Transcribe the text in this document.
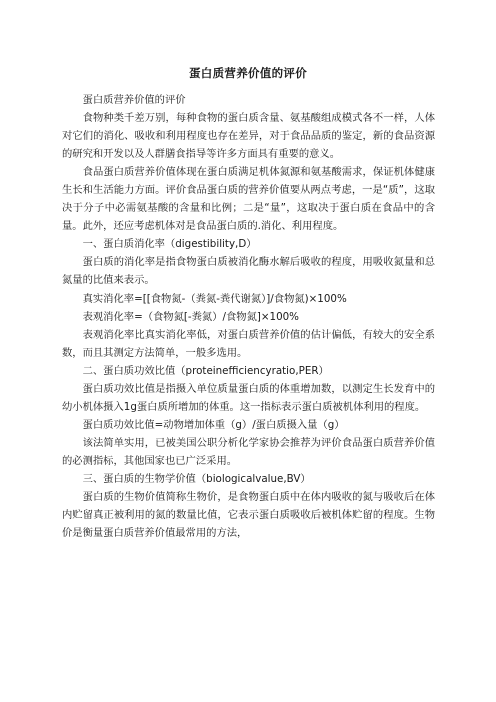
蛋白质营养价值的评价

蛋白质营养价值的评价

食物种类千差万别，每种食物的蛋白质含量、氨基酸组成模式各不一样，人体对它们的消化、吸收和利用程度也存在差异，对于食品品质的鉴定，新的食品资源的研究和开发以及人群膳食指导等许多方面具有重要的意义。

食品蛋白质营养价值体现在蛋白质满足机体氮源和氨基酸需求，保证机体健康生长和生活能力方面。评价食品蛋白质的营养价值要从两点考虑，一是“质”，这取决于分子中必需氨基酸的含量和比例；二是“量”，这取决于蛋白质在食品中的含量。此外，还应考虑机体对是食品蛋白质的.消化、利用程度。

一、蛋白质消化率（digestibility,D）

蛋白质的消化率是指食物蛋白质被消化酶水解后吸收的程度，用吸收氮量和总氮量的比值来表示。

真实消化率=[[食物氮-（粪氮-粪代谢氮）]/食物氮)×100%

表观消化率=（食物氮[-粪氮）/食物氮]×100%

表观消化率比真实消化率低，对蛋白质营养价值的估计偏低，有较大的安全系数，而且其测定方法简单，一般多选用。

二、蛋白质功效比值（proteinefficiencyratio,PER）

蛋白质功效比值是指摄入单位质量蛋白质的体重增加数，以测定生长发育中的幼小机体摄入1g蛋白质所增加的体重。这一指标表示蛋白质被机体利用的程度。

蛋白质功效比值=动物增加体重（g）/蛋白质摄入量（g）

该法简单实用，已被美国公职分析化学家协会推荐为评价食品蛋白质营养价值的必测指标，其他国家也已广泛采用。

三、蛋白质的生物学价值（biologicalvalue,BV）

蛋白质的生物价值简称生物价，是食物蛋白质中在体内吸收的氮与吸收后在体内贮留真正被利用的氮的数量比值，它表示蛋白质吸收后被机体贮留的程度。生物价是衡量蛋白质营养价值最常用的方法，
